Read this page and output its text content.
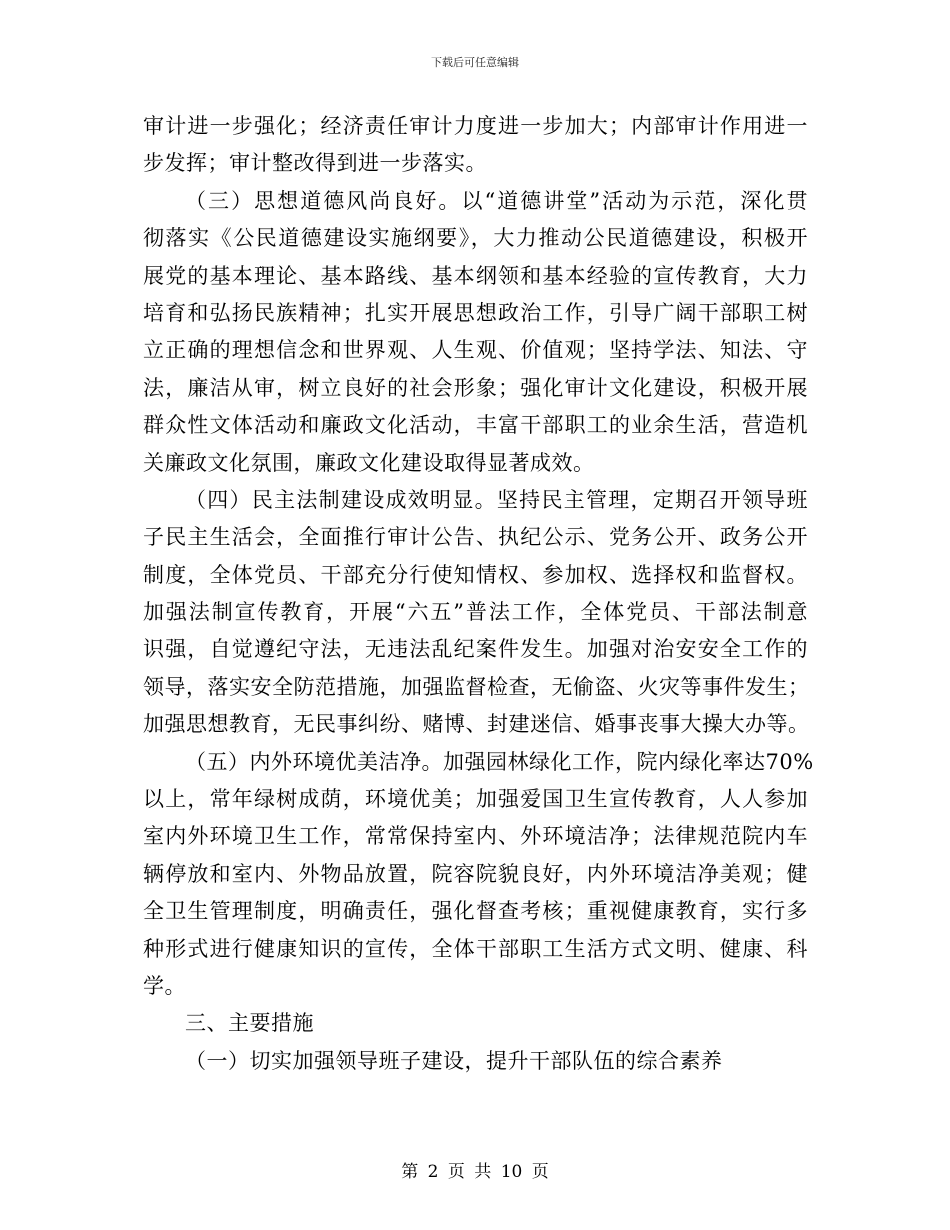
下载后可任意编辑
审计进一步强化；经济责任审计力度进一步加大；内部审计作用进一
步发挥；审计整改得到进一步落实。
（三）思想道德风尚良好。以“道德讲堂”活动为示范，深化贯
彻落实《公民道德建设实施纲要》，大力推动公民道德建设，积极开
展党的基本理论、基本路线、基本纲领和基本经验的宣传教育，大力
培育和弘扬民族精神；扎实开展思想政治工作，引导广阔干部职工树
立正确的理想信念和世界观、人生观、价值观；坚持学法、知法、守
法，廉洁从审，树立良好的社会形象；强化审计文化建设，积极开展
群众性文体活动和廉政文化活动，丰富干部职工的业余生活，营造机
关廉政文化氛围，廉政文化建设取得显著成效。
（四）民主法制建设成效明显。坚持民主管理，定期召开领导班
子民主生活会，全面推行审计公告、执纪公示、党务公开、政务公开
制度，全体党员、干部充分行使知情权、参加权、选择权和监督权。
加强法制宣传教育，开展“六五”普法工作，全体党员、干部法制意
识强，自觉遵纪守法，无违法乱纪案件发生。加强对治安安全工作的
领导，落实安全防范措施，加强监督检查，无偷盗、火灾等事件发生；
加强思想教育，无民事纠纷、赌博、封建迷信、婚事丧事大操大办等。
（五）内外环境优美洁净。加强园林绿化工作，院内绿化率达70%
以上，常年绿树成荫，环境优美；加强爱国卫生宣传教育，人人参加
室内外环境卫生工作，常常保持室内、外环境洁净；法律规范院内车
辆停放和室内、外物品放置，院容院貌良好，内外环境洁净美观；健
全卫生管理制度，明确责任，强化督查考核；重视健康教育，实行多
种形式进行健康知识的宣传，全体干部职工生活方式文明、健康、科
学。
三、主要措施
（一）切实加强领导班子建设，提升干部队伍的综合素养
第 2 页 共 10 页
